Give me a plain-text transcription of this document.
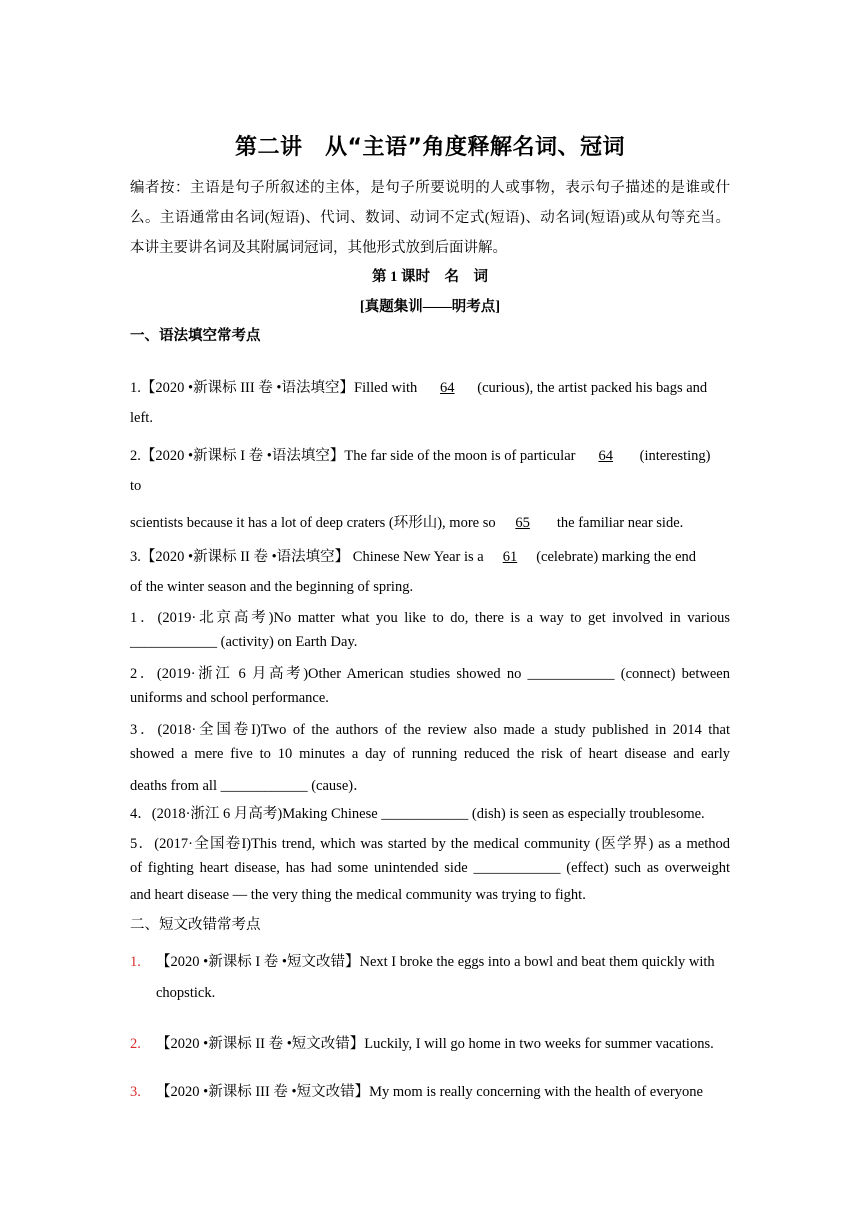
第二讲　从“主语”角度释解名词、冠词
编者按：主语是句子所叙述的主体，是句子所要说明的人或事物，表示句子描述的是谁或什
么。主语通常由名词(短语)、代词、数词、动词不定式(短语)、动名词(短语)或从句等充当。
本讲主要讲名词及其附属词冠词，其他形式放到后面讲解。
第 1 课时　名　词
[真题集训——明考点]
一、语法填空常考点
1.【2020 •新课标 III 卷 •语法填空】Filled with 64 (curious), the artist packed his bags and
left.
2.【2020 •新课标 I 卷 •语法填空】The far side of the moon is of particular 64 (interesting)
to
scientists because it has a lot of deep craters (环形山), more so 65 the familiar near side.
3.【2020 •新课标 II 卷 •语法填空】 Chinese New Year is a 61 (celebrate) marking the end
of the winter season and the beginning of spring.
1．(2019·北京高考)No matter what you like to do, there is a way to get involved in various
____________ (activity) on Earth Day.
2．(2019·浙江 6 月高考)Other American studies showed no ____________ (connect) between
uniforms and school performance.
3．(2018·全国卷I)Two of the authors of the review also made a study published in 2014 that
showed a mere five to 10 minutes a day of running reduced the risk of heart disease and early
deaths from all ____________ (cause)．
4．(2018·浙江 6 月高考)Making Chinese ____________ (dish) is seen as especially troublesome.
5．(2017·全国卷I)This trend, which was started by the medical community (医学界) as a method
of fighting heart disease, has had some unintended side ____________ (effect) such as overweight
and heart disease — the very thing the medical community was trying to fight.
二、短文改错常考点
1. 【2020 •新课标 I 卷 •短文改错】Next I broke the eggs into a bowl and beat them quickly with
chopstick.
2. 【2020 •新课标 II 卷 •短文改错】Luckily, I will go home in two weeks for summer vacations.
3. 【2020 •新课标 III 卷 •短文改错】My mom is really concerning with the health of everyone
